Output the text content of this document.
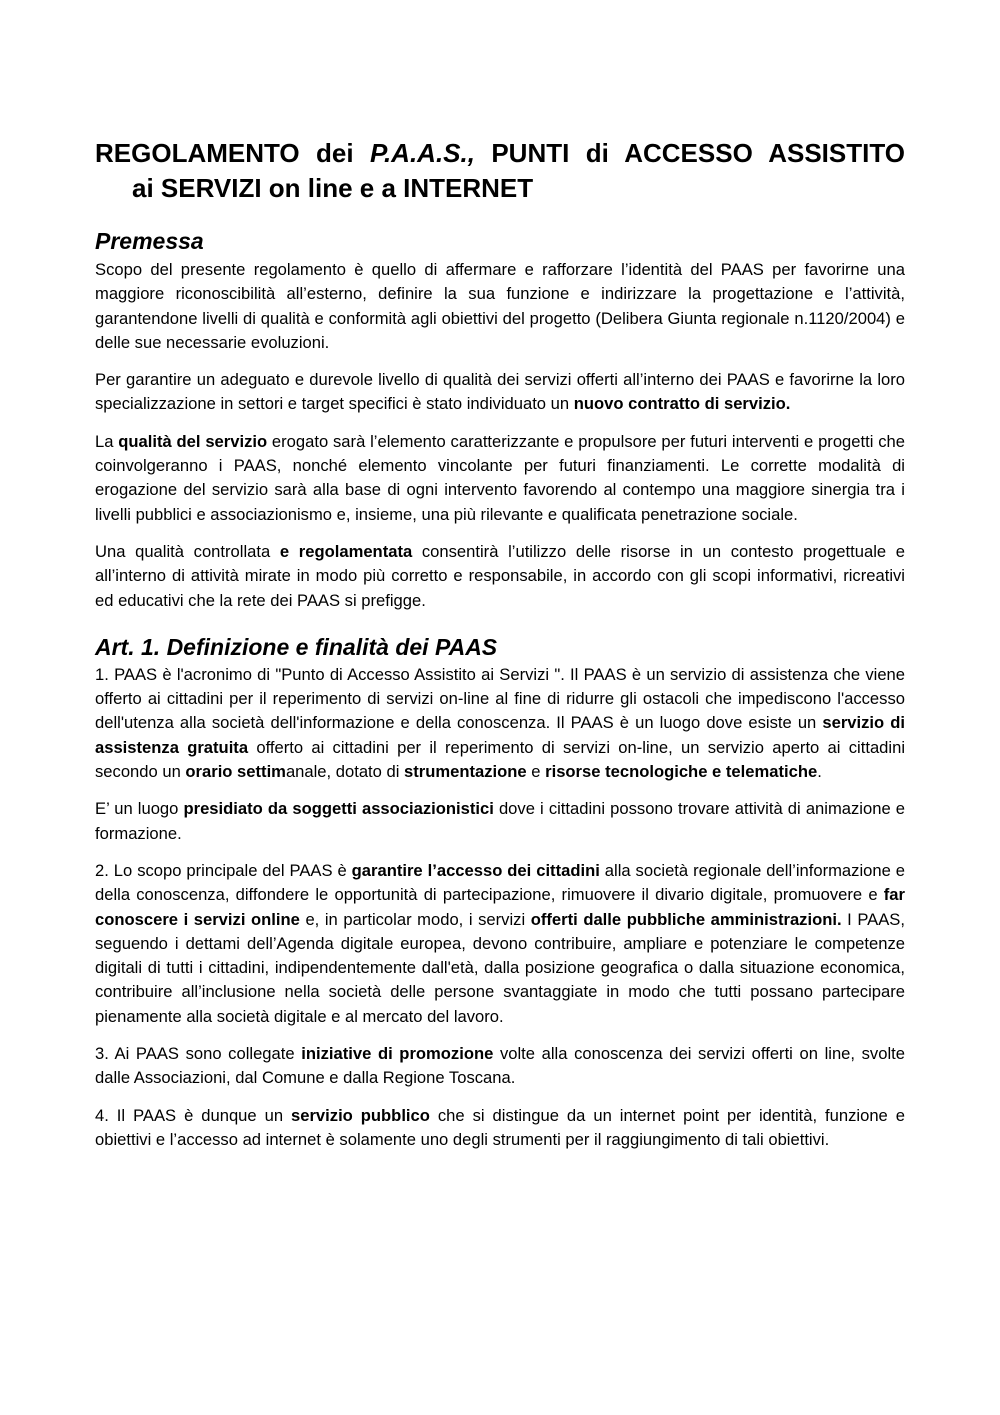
REGOLAMENTO dei P.A.A.S., PUNTI di ACCESSO ASSISTITO
ai SERVIZI on line e a INTERNET
Premessa

Scopo del presente regolamento è quello di affermare e rafforzare l’identità del PAAS per favorirne una maggiore riconoscibilità all’esterno, definire la sua funzione e indirizzare la progettazione e l’attività, garantendone livelli di qualità e conformità agli obiettivi del progetto (Delibera Giunta regionale n.1120/2004) e delle sue necessarie evoluzioni.

Per garantire un adeguato e durevole livello di qualità dei servizi offerti all’interno dei PAAS e favorirne la loro specializzazione in settori e target specifici è stato individuato un nuovo contratto di servizio.

La qualità del servizio erogato sarà l’elemento caratterizzante e propulsore per futuri interventi e progetti che coinvolgeranno i PAAS, nonché elemento vincolante per futuri finanziamenti. Le corrette modalità di erogazione del servizio sarà alla base di ogni intervento favorendo al contempo una maggiore sinergia tra i livelli pubblici e associazionismo e, insieme, una più rilevante e qualificata penetrazione sociale.

Una qualità controllata e regolamentata consentirà l’utilizzo delle risorse in un contesto progettuale e all’interno di attività mirate in modo più corretto e responsabile, in accordo con gli scopi informativi, ricreativi ed educativi che la rete dei PAAS si prefigge.

Art. 1. Definizione e finalità dei PAAS

1. PAAS è l'acronimo di "Punto di Accesso Assistito ai Servizi ". Il PAAS è un servizio di assistenza che viene offerto ai cittadini per il reperimento di servizi on-line al fine di ridurre gli ostacoli che impediscono l'accesso dell'utenza alla società dell'informazione e della conoscenza. Il PAAS è un luogo dove esiste un servizio di assistenza gratuita offerto ai cittadini per il reperimento di servizi on-line, un servizio aperto ai cittadini secondo un orario settimanale, dotato di strumentazione e risorse tecnologiche e telematiche.

E’ un luogo presidiato da soggetti associazionistici dove i cittadini possono trovare attività di animazione e formazione.

2. Lo scopo principale del PAAS è garantire l’accesso dei cittadini alla società regionale dell’informazione e della conoscenza, diffondere le opportunità di partecipazione, rimuovere il divario digitale, promuovere e far conoscere i servizi online e, in particolar modo, i servizi offerti dalle pubbliche amministrazioni. I PAAS, seguendo i dettami dell’Agenda digitale europea, devono contribuire, ampliare e potenziare le competenze digitali di tutti i cittadini, indipendentemente dall'età, dalla posizione geografica o dalla situazione economica, contribuire all’inclusione nella società delle persone svantaggiate in modo che tutti possano partecipare pienamente alla società digitale e al mercato del lavoro.

3. Ai PAAS sono collegate iniziative di promozione volte alla conoscenza dei servizi offerti on line, svolte dalle Associazioni, dal Comune e dalla Regione Toscana.

4. Il PAAS è dunque un servizio pubblico che si distingue da un internet point per identità, funzione e obiettivi e l’accesso ad internet è solamente uno degli strumenti per il raggiungimento di tali obiettivi.
